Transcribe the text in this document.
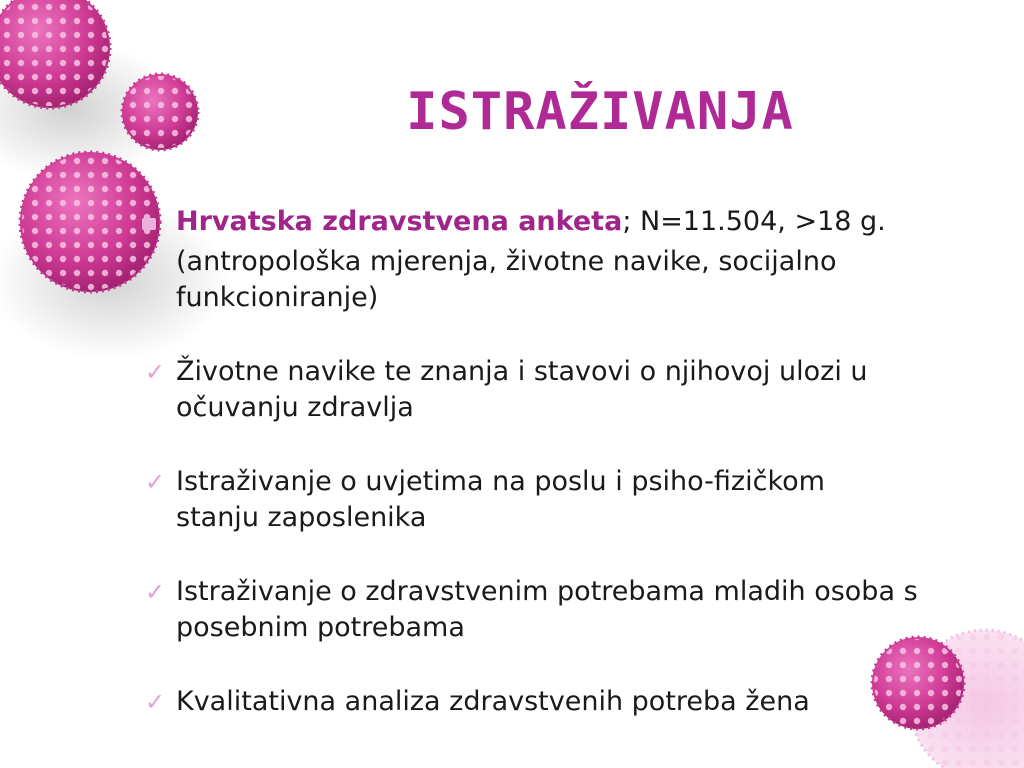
ISTRAŽIVANJA
Hrvatska zdravstvena anketa; N=11.504, >18 g.
(antropološka mjerenja, životne navike, socijalno
funkcioniranje)
✓ Životne navike te znanja i stavovi o njihovoj ulozi u
očuvanju zdravlja
✓ Istraživanje o uvjetima na poslu i psiho-fizičkom
stanju zaposlenika
✓ Istraživanje o zdravstvenim potrebama mladih osoba s
posebnim potrebama
✓ Kvalitativna analiza zdravstvenih potreba žena
